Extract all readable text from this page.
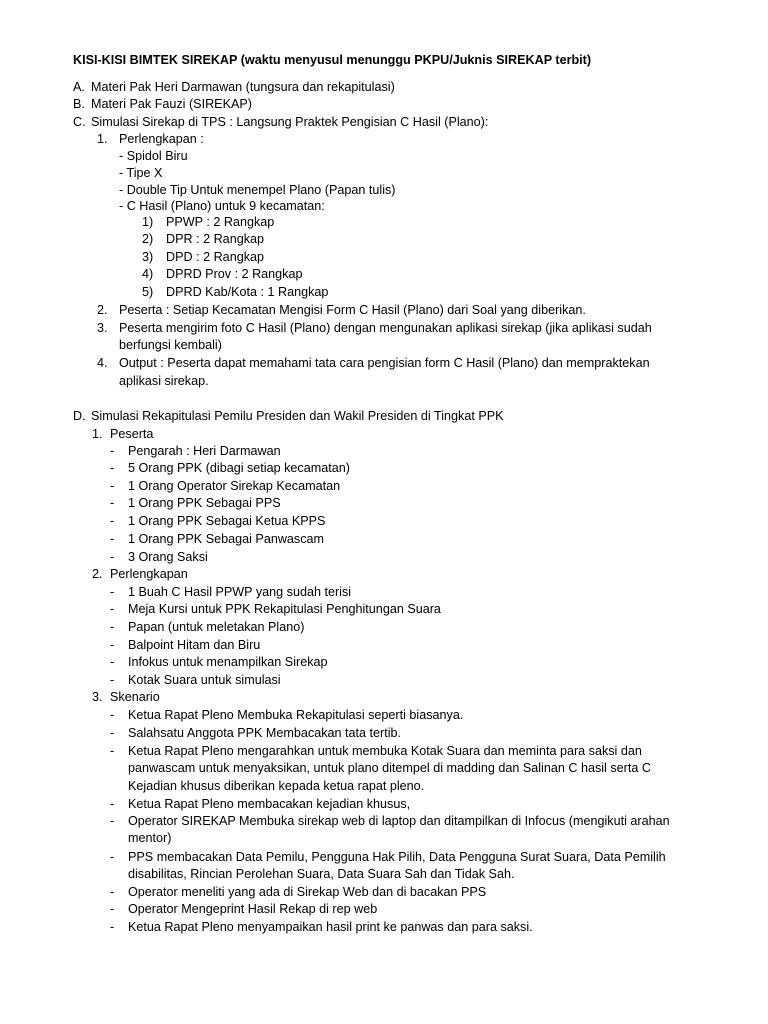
KISI-KISI BIMTEK SIREKAP (waktu menyusul menunggu PKPU/Juknis SIREKAP terbit)
A. Materi Pak Heri Darmawan (tungsura dan rekapitulasi)
B. Materi Pak Fauzi (SIREKAP)
C. Simulasi Sirekap di TPS : Langsung Praktek Pengisian C Hasil (Plano):
1. Perlengkapan :
- Spidol Biru
- Tipe X
- Double Tip Untuk menempel Plano (Papan tulis)
- C Hasil (Plano) untuk 9 kecamatan:
1) PPWP : 2 Rangkap
2) DPR : 2 Rangkap
3) DPD : 2 Rangkap
4) DPRD Prov : 2 Rangkap
5) DPRD Kab/Kota : 1 Rangkap
2. Peserta : Setiap Kecamatan Mengisi Form C Hasil (Plano) dari Soal yang diberikan.
3. Peserta mengirim foto C Hasil (Plano) dengan mengunakan aplikasi sirekap (jika aplikasi sudah
berfungsi kembali)
4. Output : Peserta dapat memahami tata cara pengisian form C Hasil (Plano) dan mempraktekan
aplikasi sirekap.
D. Simulasi Rekapitulasi Pemilu Presiden dan Wakil Presiden di Tingkat PPK
1. Peserta
- Pengarah : Heri Darmawan
- 5 Orang PPK (dibagi setiap kecamatan)
- 1 Orang Operator Sirekap Kecamatan
- 1 Orang PPK Sebagai PPS
- 1 Orang PPK Sebagai Ketua KPPS
- 1 Orang PPK Sebagai Panwascam
- 3 Orang Saksi
2. Perlengkapan
- 1 Buah C Hasil PPWP yang sudah terisi
- Meja Kursi untuk PPK Rekapitulasi Penghitungan Suara
- Papan (untuk meletakan Plano)
- Balpoint Hitam dan Biru
- Infokus untuk menampilkan Sirekap
- Kotak Suara untuk simulasi
3. Skenario
- Ketua Rapat Pleno Membuka Rekapitulasi seperti biasanya.
- Salahsatu Anggota PPK Membacakan tata tertib.
- Ketua Rapat Pleno mengarahkan untuk membuka Kotak Suara dan meminta para saksi dan
panwascam untuk menyaksikan, untuk plano ditempel di madding dan Salinan C hasil serta C
Kejadian khusus diberikan kepada ketua rapat pleno.
- Ketua Rapat Pleno membacakan kejadian khusus,
- Operator SIREKAP Membuka sirekap web di laptop dan ditampilkan di Infocus (mengikuti arahan
mentor)
- PPS membacakan Data Pemilu, Pengguna Hak Pilih, Data Pengguna Surat Suara, Data Pemilih
disabilitas, Rincian Perolehan Suara, Data Suara Sah dan Tidak Sah.
- Operator meneliti yang ada di Sirekap Web dan di bacakan PPS
- Operator Mengeprint Hasil Rekap di rep web
- Ketua Rapat Pleno menyampaikan hasil print ke panwas dan para saksi.
